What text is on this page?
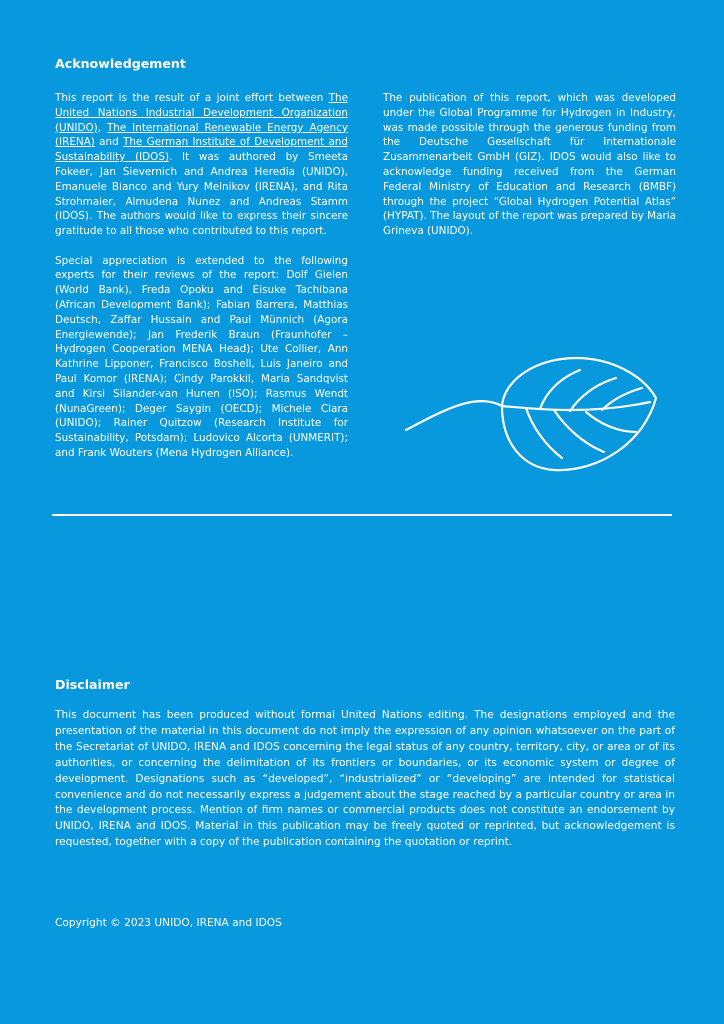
Acknowledgement

This report is the result of a joint effort between The United Nations Industrial Development Organization (UNIDO), The International Renewable Energy Agency (IRENA) and The German Institute of Development and Sustainability (IDOS). It was authored by Smeeta Fokeer, Jan Sievernich and Andrea Heredia (UNIDO), Emanuele Bianco and Yury Melnikov (IRENA), and Rita Strohmaier, Almudena Nunez and Andreas Stamm (IDOS). The authors would like to express their sincere gratitude to all those who contributed to this report.

Special appreciation is extended to the following experts for their reviews of the report: Dolf Gielen (World Bank), Freda Opoku and Eisuke Tachibana (African Development Bank); Fabian Barrera, Matthias Deutsch, Zaffar Hussain and Paul Münnich (Agora Energiewende); Jan Frederik Braun (Fraunhofer – Hydrogen Cooperation MENA Head); Ute Collier, Ann Kathrine Lipponer, Francisco Boshell, Luis Janeiro and Paul Komor (IRENA); Cindy Parokkil, Maria Sandqvist and Kirsi Silander-van Hunen (ISO); Rasmus Wendt (NunaGreen); Deger Saygin (OECD); Michele Clara (UNIDO); Rainer Quitzow (Research Institute for Sustainability, Potsdam); Ludovico Alcorta (UNMERIT); and Frank Wouters (Mena Hydrogen Alliance).

The publication of this report, which was developed under the Global Programme for Hydrogen in Industry, was made possible through the generous funding from the Deutsche Gesellschaft für Internationale Zusammenarbeit GmbH (GIZ). IDOS would also like to acknowledge funding received from the German Federal Ministry of Education and Research (BMBF) through the project “Global Hydrogen Potential Atlas” (HYPAT). The layout of the report was prepared by Maria Grineva (UNIDO).

Disclaimer

This document has been produced without formal United Nations editing. The designations employed and the presentation of the material in this document do not imply the expression of any opinion whatsoever on the part of the Secretariat of UNIDO, IRENA and IDOS concerning the legal status of any country, territory, city, or area or of its authorities, or concerning the delimitation of its frontiers or boundaries, or its economic system or degree of development. Designations such as “developed”, “industrialized” or “developing” are intended for statistical convenience and do not necessarily express a judgement about the stage reached by a particular country or area in the development process. Mention of firm names or commercial products does not constitute an endorsement by UNIDO, IRENA and IDOS. Material in this publication may be freely quoted or reprinted, but acknowledgement is requested, together with a copy of the publication containing the quotation or reprint.

Copyright © 2023 UNIDO, IRENA and IDOS
